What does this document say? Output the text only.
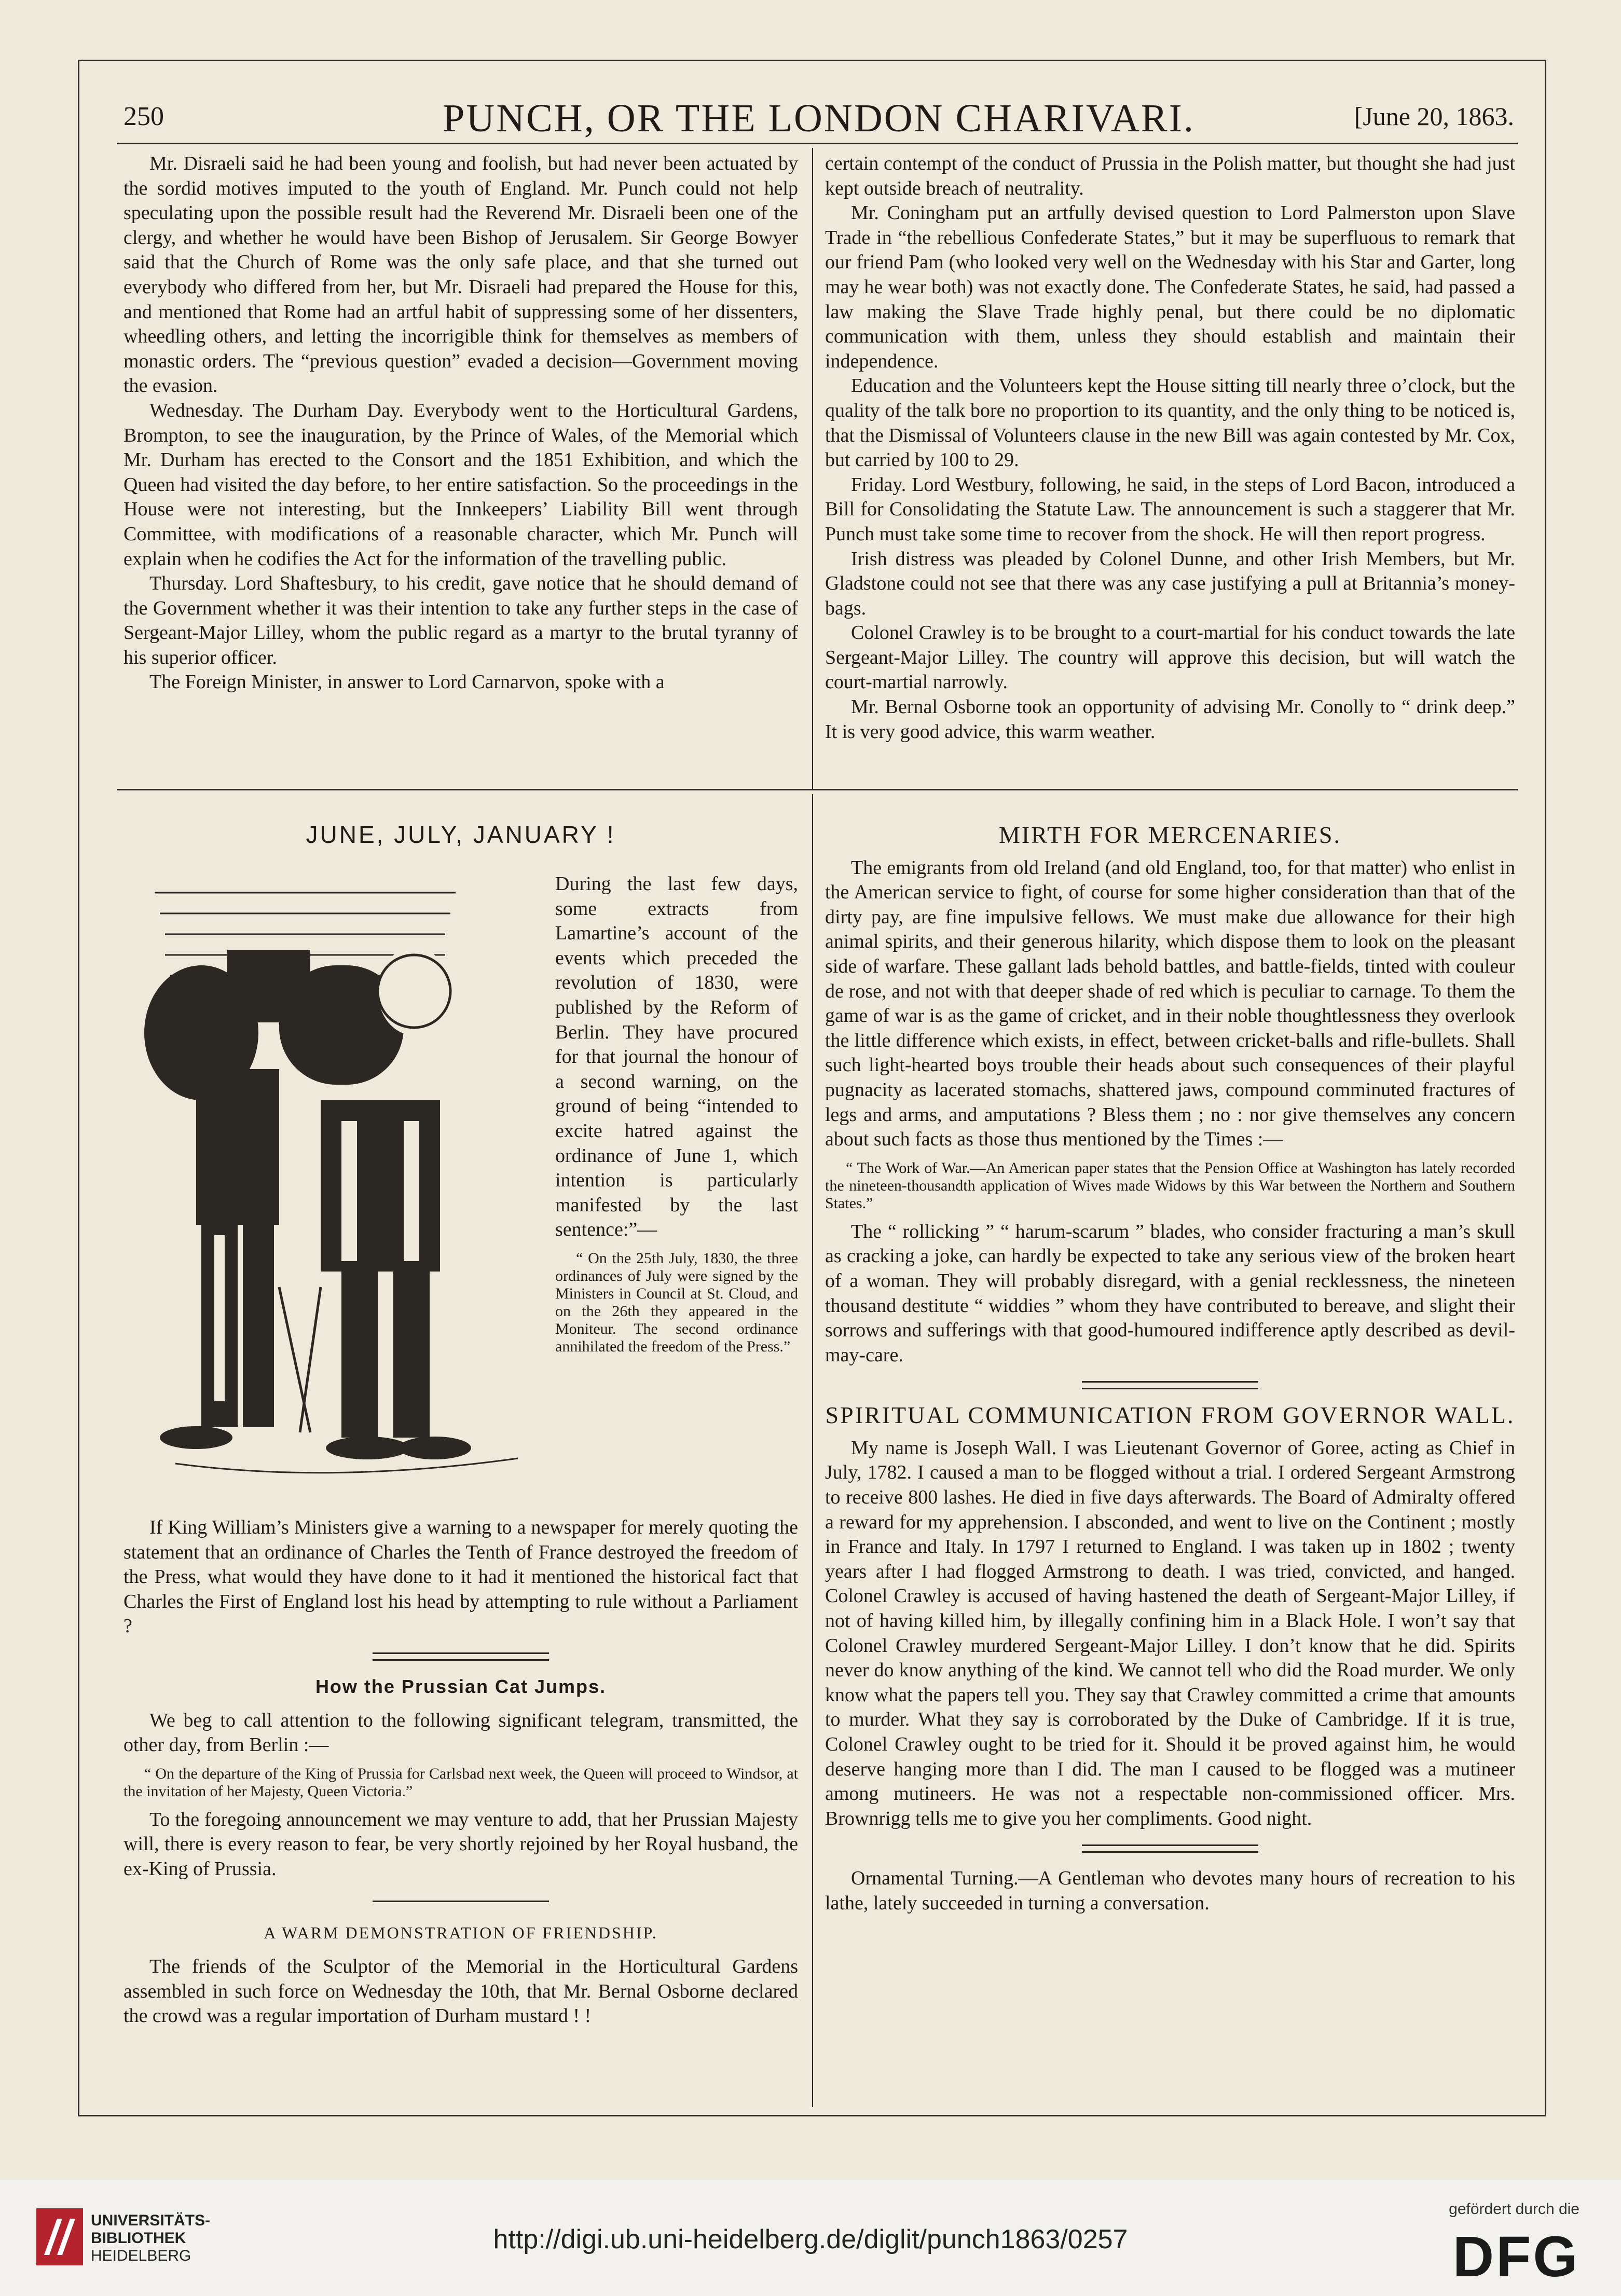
250	PUNCH, OR THE LONDON CHARIVARI.	[June 20, 1863.

Mr. Disraeli said he had been young and foolish, but had never been actuated by the sordid motives imputed to the youth of England. Mr. Punch could not help speculating upon the possible result had the Reverend Mr. Disraeli been one of the clergy, and whether he would have been Bishop of Jerusalem. Sir George Bowyer said that the Church of Rome was the only safe place, and that she turned out everybody who differed from her, but Mr. Disraeli had prepared the House for this, and mentioned that Rome had an artful habit of suppressing some of her dissenters, wheedling others, and letting the incorrigible think for themselves as members of monastic orders. The “previous question” evaded a decision—Government moving the evasion.

Wednesday. The Durham Day. Everybody went to the Horticultural Gardens, Brompton, to see the inauguration, by the Prince of Wales, of the Memorial which Mr. Durham has erected to the Consort and the 1851 Exhibition, and which the Queen had visited the day before, to her entire satisfaction. So the proceedings in the House were not interesting, but the Innkeepers’ Liability Bill went through Committee, with modifications of a reasonable character, which Mr. Punch will explain when he codifies the Act for the information of the travelling public.

Thursday. Lord Shaftesbury, to his credit, gave notice that he should demand of the Government whether it was their intention to take any further steps in the case of Sergeant-Major Lilley, whom the public regard as a martyr to the brutal tyranny of his superior officer.

The Foreign Minister, in answer to Lord Carnarvon, spoke with a

certain contempt of the conduct of Prussia in the Polish matter, but thought she had just kept outside breach of neutrality.

Mr. Coningham put an artfully devised question to Lord Palmerston upon Slave Trade in “the rebellious Confederate States,” but it may be superfluous to remark that our friend Pam (who looked very well on the Wednesday with his Star and Garter, long may he wear both) was not exactly done. The Confederate States, he said, had passed a law making the Slave Trade highly penal, but there could be no diplomatic communication with them, unless they should establish and maintain their independence.

Education and the Volunteers kept the House sitting till nearly three o’clock, but the quality of the talk bore no proportion to its quantity, and the only thing to be noticed is, that the Dismissal of Volunteers clause in the new Bill was again contested by Mr. Cox, but carried by 100 to 29.

Friday. Lord Westbury, following, he said, in the steps of Lord Bacon, introduced a Bill for Consolidating the Statute Law. The announcement is such a staggerer that Mr. Punch must take some time to recover from the shock. He will then report progress.

Irish distress was pleaded by Colonel Dunne, and other Irish Members, but Mr. Gladstone could not see that there was any case justifying a pull at Britannia’s money-bags.

Colonel Crawley is to be brought to a court-martial for his conduct towards the late Sergeant-Major Lilley. The country will approve this decision, but will watch the court-martial narrowly.

Mr. Bernal Osborne took an opportunity of advising Mr. Conolly to “ drink deep.” It is very good advice, this warm weather.

JUNE, JULY, JANUARY !

During the last few days, some extracts from Lamartine’s account of the events which preceded the revolution of 1830, were published by the Reform of Berlin. They have procured for that journal the honour of a second warning, on the ground of being “intended to excite hatred against the ordinance of June 1, which intention is particularly manifested by the last sentence:”—

“ On the 25th July, 1830, the three ordinances of July were signed by the Ministers in Council at St. Cloud, and on the 26th they appeared in the Moniteur. The second ordinance annihilated the freedom of the Press.”

If King William’s Ministers give a warning to a newspaper for merely quoting the statement that an ordinance of Charles the Tenth of France destroyed the freedom of the Press, what would they have done to it had it mentioned the historical fact that Charles the First of England lost his head by attempting to rule without a Parliament ?

How the Prussian Cat Jumps.

We beg to call attention to the following significant telegram, transmitted, the other day, from Berlin :—

“ On the departure of the King of Prussia for Carlsbad next week, the Queen will proceed to Windsor, at the invitation of her Majesty, Queen Victoria.”

To the foregoing announcement we may venture to add, that her Prussian Majesty will, there is every reason to fear, be very shortly rejoined by her Royal husband, the ex-King of Prussia.

A WARM DEMONSTRATION OF FRIENDSHIP.

The friends of the Sculptor of the Memorial in the Horticultural Gardens assembled in such force on Wednesday the 10th, that Mr. Bernal Osborne declared the crowd was a regular importation of Durham mustard ! !

MIRTH FOR MERCENARIES.

The emigrants from old Ireland (and old England, too, for that matter) who enlist in the American service to fight, of course for some higher consideration than that of the dirty pay, are fine impulsive fellows. We must make due allowance for their high animal spirits, and their generous hilarity, which dispose them to look on the pleasant side of warfare. These gallant lads behold battles, and battle-fields, tinted with couleur de rose, and not with that deeper shade of red which is peculiar to carnage. To them the game of war is as the game of cricket, and in their noble thoughtlessness they overlook the little difference which exists, in effect, between cricket-balls and rifle-bullets. Shall such light-hearted boys trouble their heads about such consequences of their playful pugnacity as lacerated stomachs, shattered jaws, compound comminuted fractures of legs and arms, and amputations ? Bless them ; no : nor give themselves any concern about such facts as those thus mentioned by the Times :—

“ The Work of War.—An American paper states that the Pension Office at Washington has lately recorded the nineteen-thousandth application of Wives made Widows by this War between the Northern and Southern States.”

The “ rollicking ” “ harum-scarum ” blades, who consider fracturing a man’s skull as cracking a joke, can hardly be expected to take any serious view of the broken heart of a woman. They will probably disregard, with a genial recklessness, the nineteen thousand destitute “ widdies ” whom they have contributed to bereave, and slight their sorrows and sufferings with that good-humoured indifference aptly described as devil-may-care.

SPIRITUAL COMMUNICATION FROM GOVERNOR WALL.

My name is Joseph Wall. I was Lieutenant Governor of Goree, acting as Chief in July, 1782. I caused a man to be flogged without a trial. I ordered Sergeant Armstrong to receive 800 lashes. He died in five days afterwards. The Board of Admiralty offered a reward for my apprehension. I absconded, and went to live on the Continent ; mostly in France and Italy. In 1797 I returned to England. I was taken up in 1802 ; twenty years after I had flogged Armstrong to death. I was tried, convicted, and hanged. Colonel Crawley is accused of having hastened the death of Sergeant-Major Lilley, if not of having killed him, by illegally confining him in a Black Hole. I won’t say that Colonel Crawley murdered Sergeant-Major Lilley. I don’t know that he did. Spirits never do know anything of the kind. We cannot tell who did the Road murder. We only know what the papers tell you. They say that Crawley committed a crime that amounts to murder. What they say is corroborated by the Duke of Cambridge. If it is true, Colonel Crawley ought to be tried for it. Should it be proved against him, he would deserve hanging more than I did. The man I caused to be flogged was a mutineer among mutineers. He was not a respectable non-commissioned officer. Mrs. Brownrigg tells me to give you her compliments. Good night.

Ornamental Turning.—A Gentleman who devotes many hours of recreation to his lathe, lately succeeded in turning a conversation.

UNIVERSITÄTS-
BIBLIOTHEK
HEIDELBERG
http://digi.ub.uni-heidelberg.de/diglit/punch1863/0257
gefördert durch die
DFG
